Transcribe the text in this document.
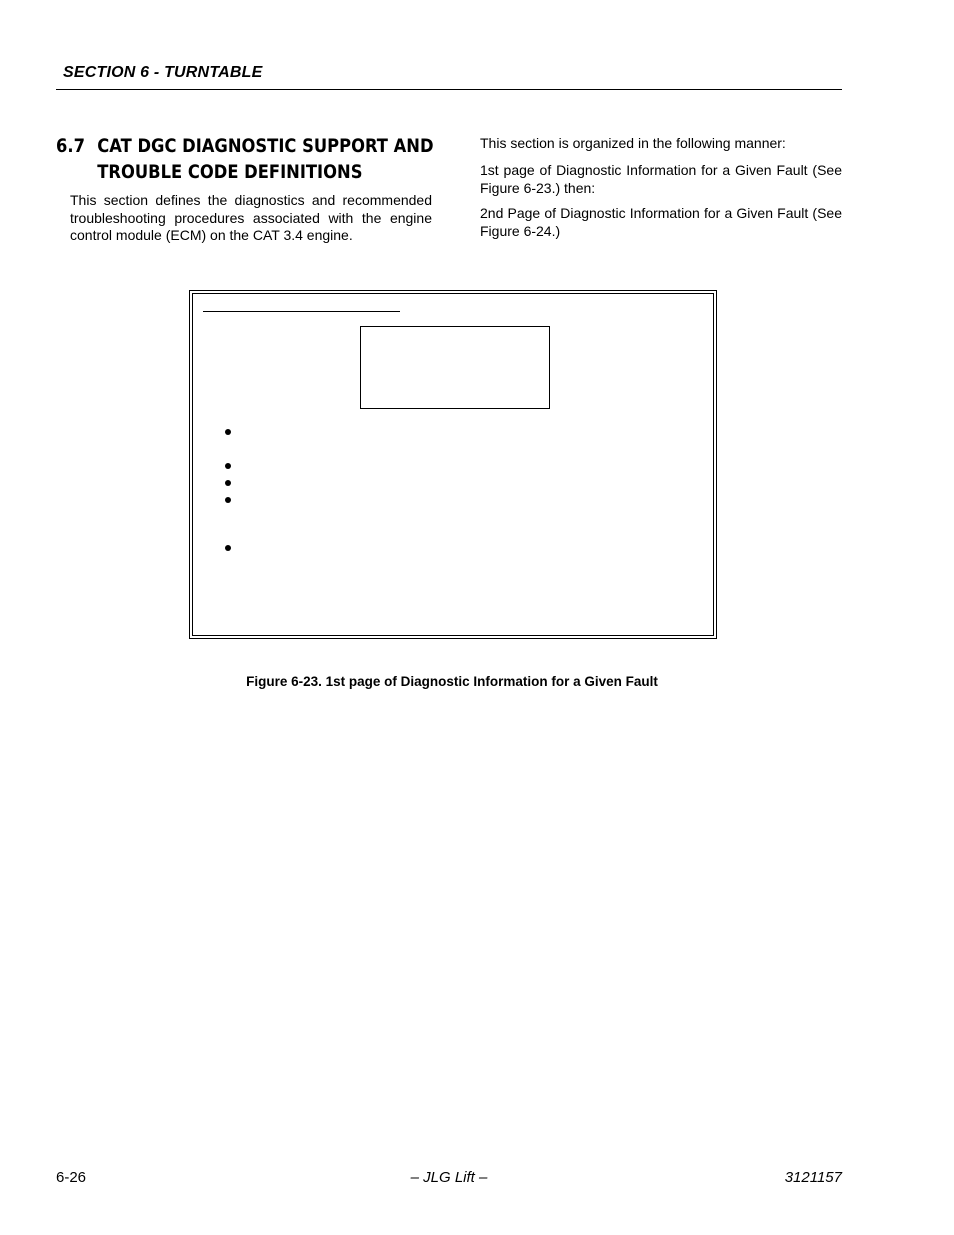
SECTION 6 - TURNTABLE
6.7 CAT DGC DIAGNOSTIC SUPPORT AND
TROUBLE CODE DEFINITIONS
This section defines the diagnostics and recommended troubleshooting procedures associated with the engine control module (ECM) on the CAT 3.4 engine.
This section is organized in the following manner:
1st page of Diagnostic Information for a Given Fault (See Figure 6-23.) then:
2nd Page of Diagnostic Information for a Given Fault (See Figure 6-24.)
Figure 6-23. 1st page of Diagnostic Information for a Given Fault
6-26	– JLG Lift –	3121157
